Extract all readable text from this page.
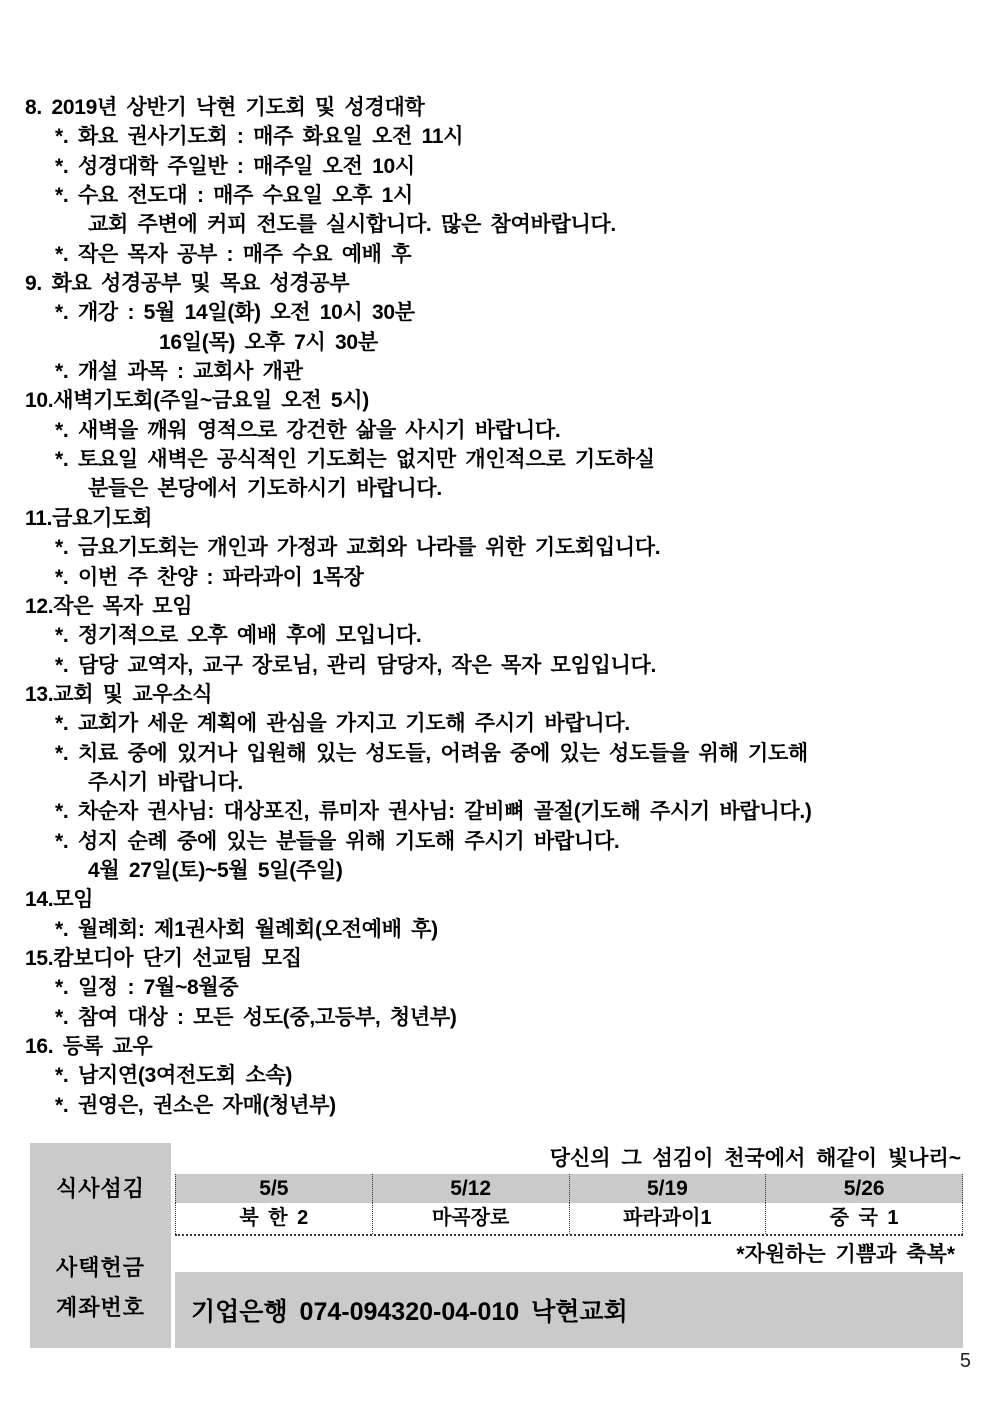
8. 2019년 상반기 낙현 기도회 및 성경대학
*. 화요 권사기도회 : 매주 화요일 오전 11시
*. 성경대학 주일반 : 매주일 오전 10시
*. 수요 전도대 : 매주 수요일 오후 1시
교회 주변에 커피 전도를 실시합니다. 많은 참여바랍니다.
*. 작은 목자 공부 : 매주 수요 예배 후
9. 화요 성경공부 및 목요 성경공부
*. 개강 : 5월 14일(화) 오전 10시 30분
16일(목) 오후 7시 30분
*. 개설 과목 : 교회사 개관
10.새벽기도회(주일~금요일 오전 5시)
*. 새벽을 깨워 영적으로 강건한 삶을 사시기 바랍니다.
*. 토요일 새벽은 공식적인 기도회는 없지만 개인적으로 기도하실
분들은 본당에서 기도하시기 바랍니다.
11.금요기도회
*. 금요기도회는 개인과 가정과 교회와 나라를 위한 기도회입니다.
*. 이번 주 찬양 : 파라과이 1목장
12.작은 목자 모임
*. 정기적으로 오후 예배 후에 모입니다.
*. 담당 교역자, 교구 장로님, 관리 담당자, 작은 목자 모임입니다.
13.교회 및 교우소식
*. 교회가 세운 계획에 관심을 가지고 기도해 주시기 바랍니다.
*. 치료 중에 있거나 입원해 있는 성도들, 어려움 중에 있는 성도들을 위해 기도해
주시기 바랍니다.
*. 차순자 권사님: 대상포진, 류미자 권사님: 갈비뼈 골절(기도해 주시기 바랍니다.)
*. 성지 순례 중에 있는 분들을 위해 기도해 주시기 바랍니다.
4월 27일(토)~5월 5일(주일)
14.모임
*. 월례회: 제1권사회 월례회(오전예배 후)
15.캄보디아 단기 선교팀 모집
*. 일정 : 7월~8월중
*. 참여 대상 : 모든 성도(중,고등부, 청년부)
16. 등록 교우
*. 남지연(3여전도회 소속)
*. 권영은, 권소은 자매(청년부)
식사섬김
사택헌금
계좌번호
당신의 그 섬김이 천국에서 해같이 빛나리~
5/5	5/12	5/19	5/26
북 한 2	마곡장로	파라과이1	중 국 1
*자원하는 기쁨과 축복*
기업은행 074-094320-04-010 낙현교회
5
